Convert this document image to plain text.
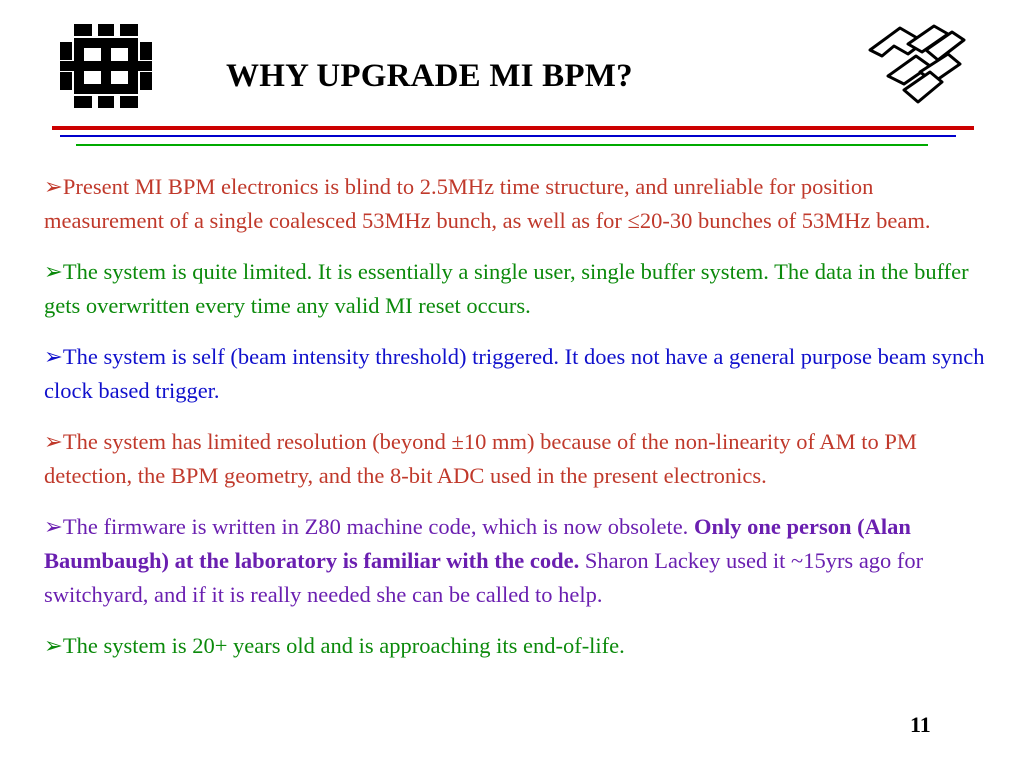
WHY UPGRADE MI BPM?
➢Present MI BPM electronics is blind to 2.5MHz time structure, and unreliable for position measurement of a single coalesced 53MHz bunch, as well as for ≤20-30 bunches of 53MHz beam.
➢The system is quite limited. It is essentially a single user, single buffer system. The data in the buffer gets overwritten every time any valid MI reset occurs.
➢The system is self (beam intensity threshold) triggered. It does not have a general purpose beam synch clock based trigger.
➢The system has limited resolution (beyond ±10 mm) because of the non-linearity of AM to PM detection, the BPM geometry, and the 8-bit ADC used in the present electronics.
➢The firmware is written in Z80 machine code, which is now obsolete. Only one person (Alan Baumbaugh) at the laboratory is familiar with the code. Sharon Lackey used it ~15yrs ago for switchyard, and if it is really needed she can be called to help.
➢The system is 20+ years old and is approaching its end-of-life.
11
